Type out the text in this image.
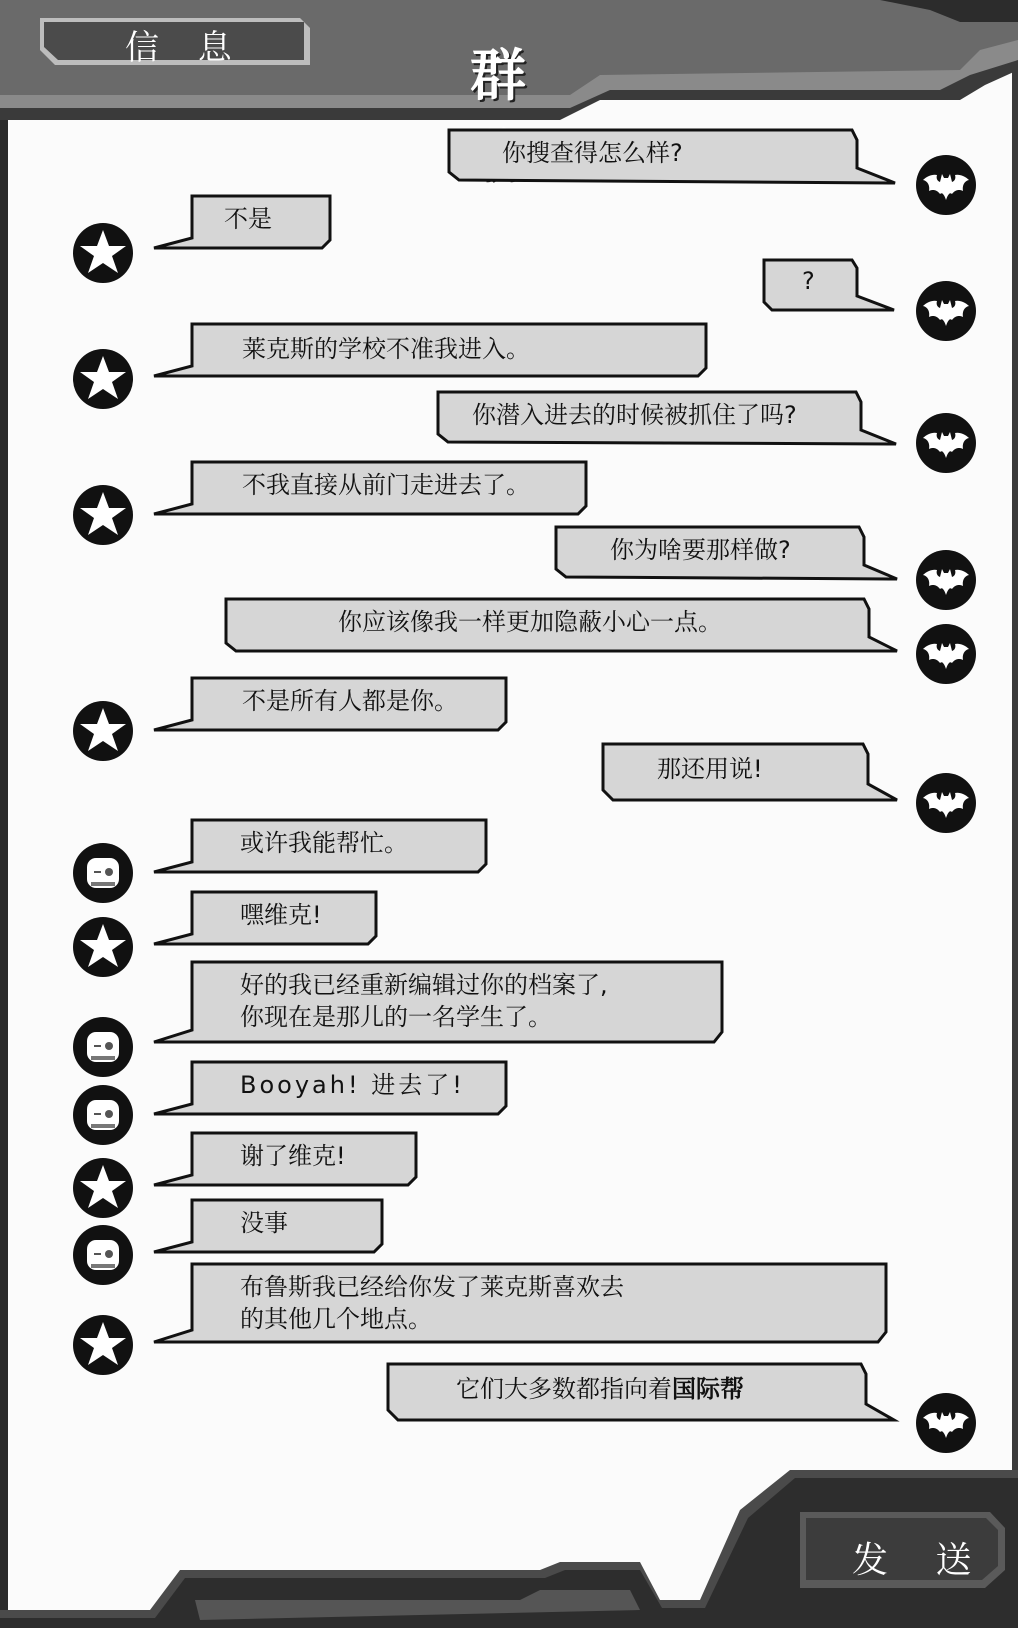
信 息	群
你搜查得怎么样?
不是
?
莱克斯的学校不准我进入。
你潜入进去的时候被抓住了吗?
不我直接从前门走进去了。
你为啥要那样做?
你应该像我一样更加隐蔽小心一点。
不是所有人都是你。
那还用说!
或许我能帮忙。
嘿维克!
好的我已经重新编辑过你的档案了,
你现在是那儿的一名学生了。
Booyah! 进去了!
谢了维克!
没事
布鲁斯我已经给你发了莱克斯喜欢去
的其他几个地点。
它们大多数都指向着国际帮
发 送
